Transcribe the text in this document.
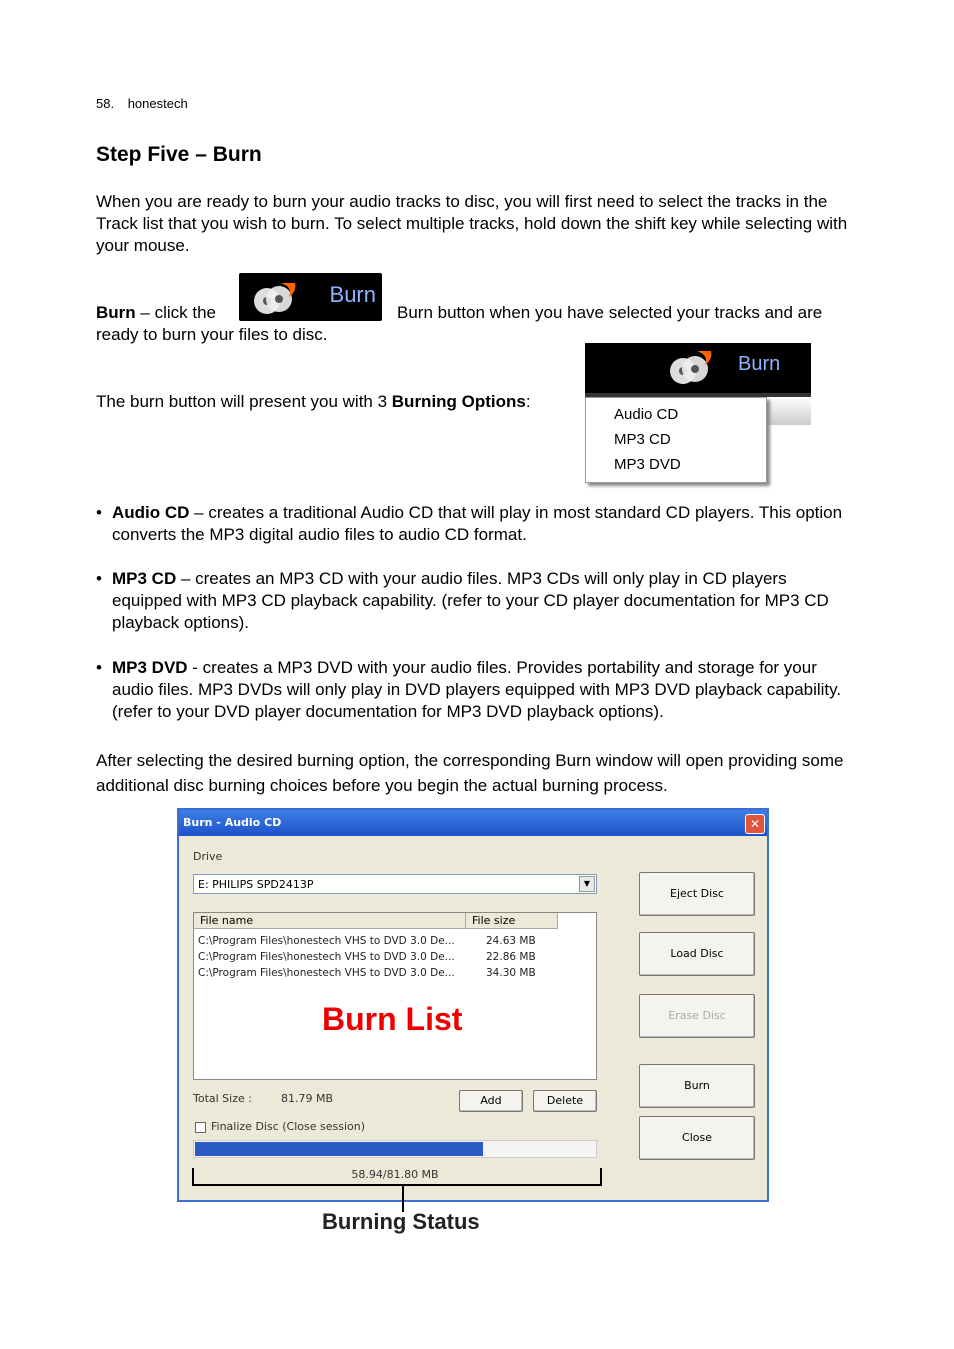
58. honestech
Step Five – Burn
When you are ready to burn your audio tracks to disc, you will first need to select the tracks in the Track list that you wish to burn. To select multiple tracks, hold down the shift key while selecting with your mouse.
Burn – click the
Burn
Burn button when you have selected your tracks and are
ready to burn your files to disc.
The burn button will present you with 3 Burning Options:
Burn
Audio CD
MP3 CD
MP3 DVD
• Audio CD – creates a traditional Audio CD that will play in most standard CD players. This option converts the MP3 digital audio files to audio CD format.
• MP3 CD – creates an MP3 CD with your audio files. MP3 CDs will only play in CD players equipped with MP3 CD playback capability. (refer to your CD player documentation for MP3 CD playback options).
• MP3 DVD - creates a MP3 DVD with your audio files. Provides portability and storage for your audio files. MP3 DVDs will only play in DVD players equipped with MP3 DVD playback capability. (refer to your DVD player documentation for MP3 DVD playback options).
After selecting the desired burning option, the corresponding Burn window will open providing some additional disc burning choices before you begin the actual burning process.
Burn - Audio CD	✕
Drive
E: PHILIPS SPD2413P	▼
File name	File size
C:\Program Files\honestech VHS to DVD 3.0 De...	24.63 MB
C:\Program Files\honestech VHS to DVD 3.0 De...	22.86 MB
C:\Program Files\honestech VHS to DVD 3.0 De...	34.30 MB
Burn List
Total Size :	81.79 MB	Add	Delete
Finalize Disc (Close session)
58.94/81.80 MB
Eject Disc
Load Disc
Erase Disc
Burn
Close
Burning Status
